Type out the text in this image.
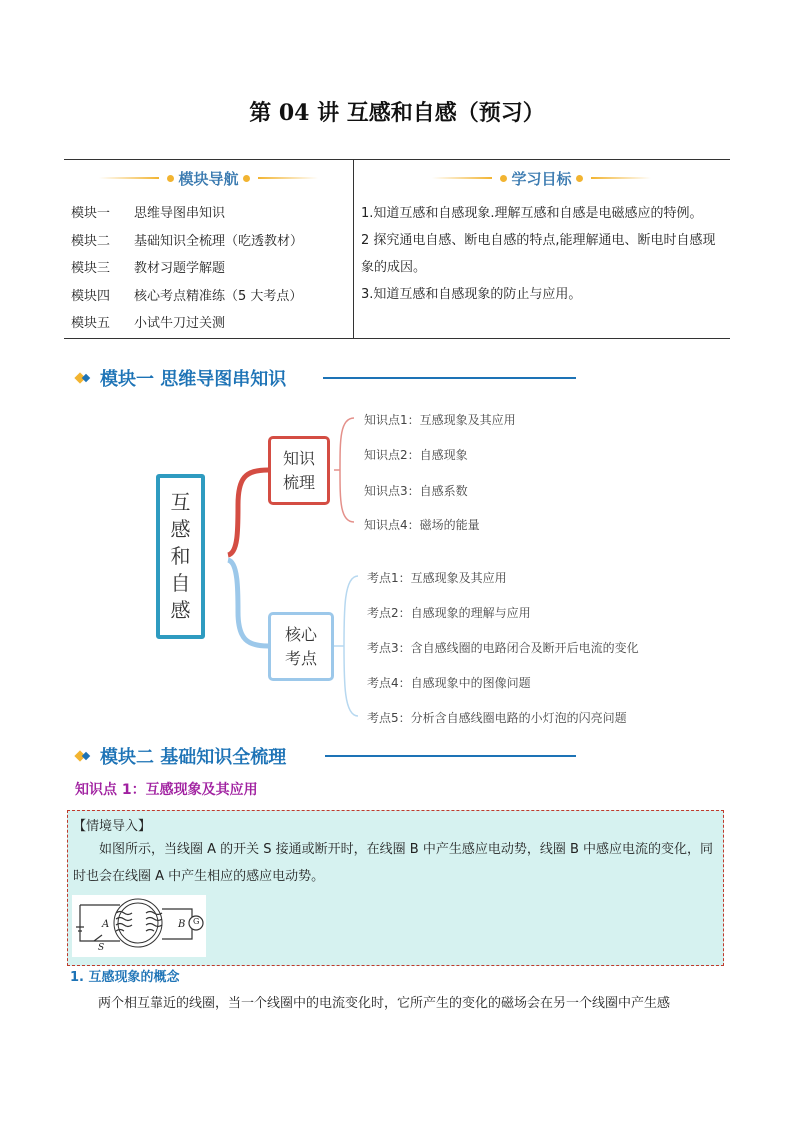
第 04 讲 互感和自感（预习）
模块导航	学习目标
模块一	思维导图串知识
模块二	基础知识全梳理（吃透教材）
模块三	教材习题学解题
模块四	核心考点精准练（5 大考点）
模块五	小试牛刀过关测
1.知道互感和自感现象.理解互感和自感是电磁感应的特例。
2 探究通电自感、断电自感的特点,能理解通电、断电时自感现象的成因。
3.知道互感和自感现象的防止与应用。
模块一 思维导图串知识
互
感
和
自
感
知识
梳理
核心
考点
知识点1：互感现象及其应用
知识点2：自感现象
知识点3：自感系数
知识点4：磁场的能量
考点1：互感现象及其应用
考点2：自感现象的理解与应用
考点3：含自感线圈的电路闭合及断开后电流的变化
考点4：自感现象中的图像问题
考点5：分析含自感线圈电路的小灯泡的闪亮问题
模块二 基础知识全梳理
知识点 1：互感现象及其应用
【情境导入】
如图所示，当线圈 A 的开关 S 接通或断开时，在线圈 B 中产生感应电动势，线圈 B 中感应电流的变化，同时也会在线圈 A 中产生相应的感应电动势。
A	B
S
G
1. 互感现象的概念
两个相互靠近的线圈，当一个线圈中的电流变化时，它所产生的变化的磁场会在另一个线圈中产生感
